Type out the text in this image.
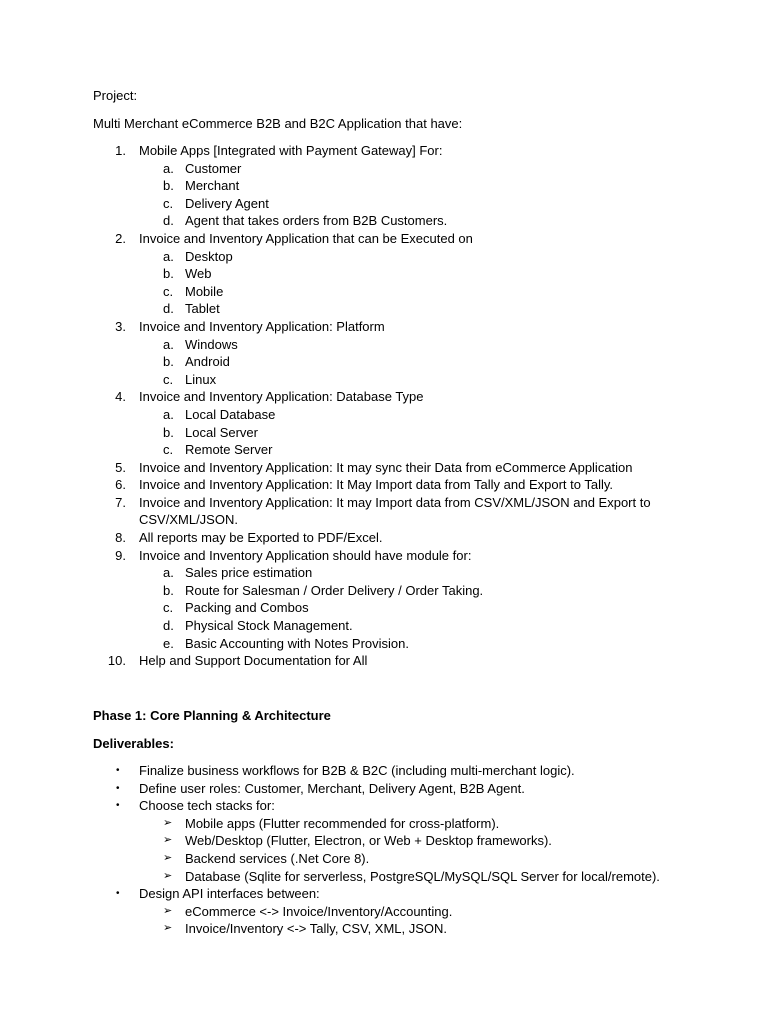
Project:

Multi Merchant eCommerce B2B and B2C Application that have:

1. Mobile Apps [Integrated with Payment Gateway] For:
a. Customer
b. Merchant
c. Delivery Agent
d. Agent that takes orders from B2B Customers.
2. Invoice and Inventory Application that can be Executed on
a. Desktop
b. Web
c. Mobile
d. Tablet
3. Invoice and Inventory Application: Platform
a. Windows
b. Android
c. Linux
4. Invoice and Inventory Application: Database Type
a. Local Database
b. Local Server
c. Remote Server
5. Invoice and Inventory Application: It may sync their Data from eCommerce Application
6. Invoice and Inventory Application: It May Import data from Tally and Export to Tally.
7. Invoice and Inventory Application: It may Import data from CSV/XML/JSON and Export to
CSV/XML/JSON.
8. All reports may be Exported to PDF/Excel.
9. Invoice and Inventory Application should have module for:
a. Sales price estimation
b. Route for Salesman / Order Delivery / Order Taking.
c. Packing and Combos
d. Physical Stock Management.
e. Basic Accounting with Notes Provision.
10. Help and Support Documentation for All

Phase 1: Core Planning & Architecture

Deliverables:

• Finalize business workflows for B2B & B2C (including multi-merchant logic).
• Define user roles: Customer, Merchant, Delivery Agent, B2B Agent.
• Choose tech stacks for:
➢ Mobile apps (Flutter recommended for cross-platform).
➢ Web/Desktop (Flutter, Electron, or Web + Desktop frameworks).
➢ Backend services (.Net Core 8).
➢ Database (Sqlite for serverless, PostgreSQL/MySQL/SQL Server for local/remote).
• Design API interfaces between:
➢ eCommerce <-> Invoice/Inventory/Accounting.
➢ Invoice/Inventory <-> Tally, CSV, XML, JSON.
